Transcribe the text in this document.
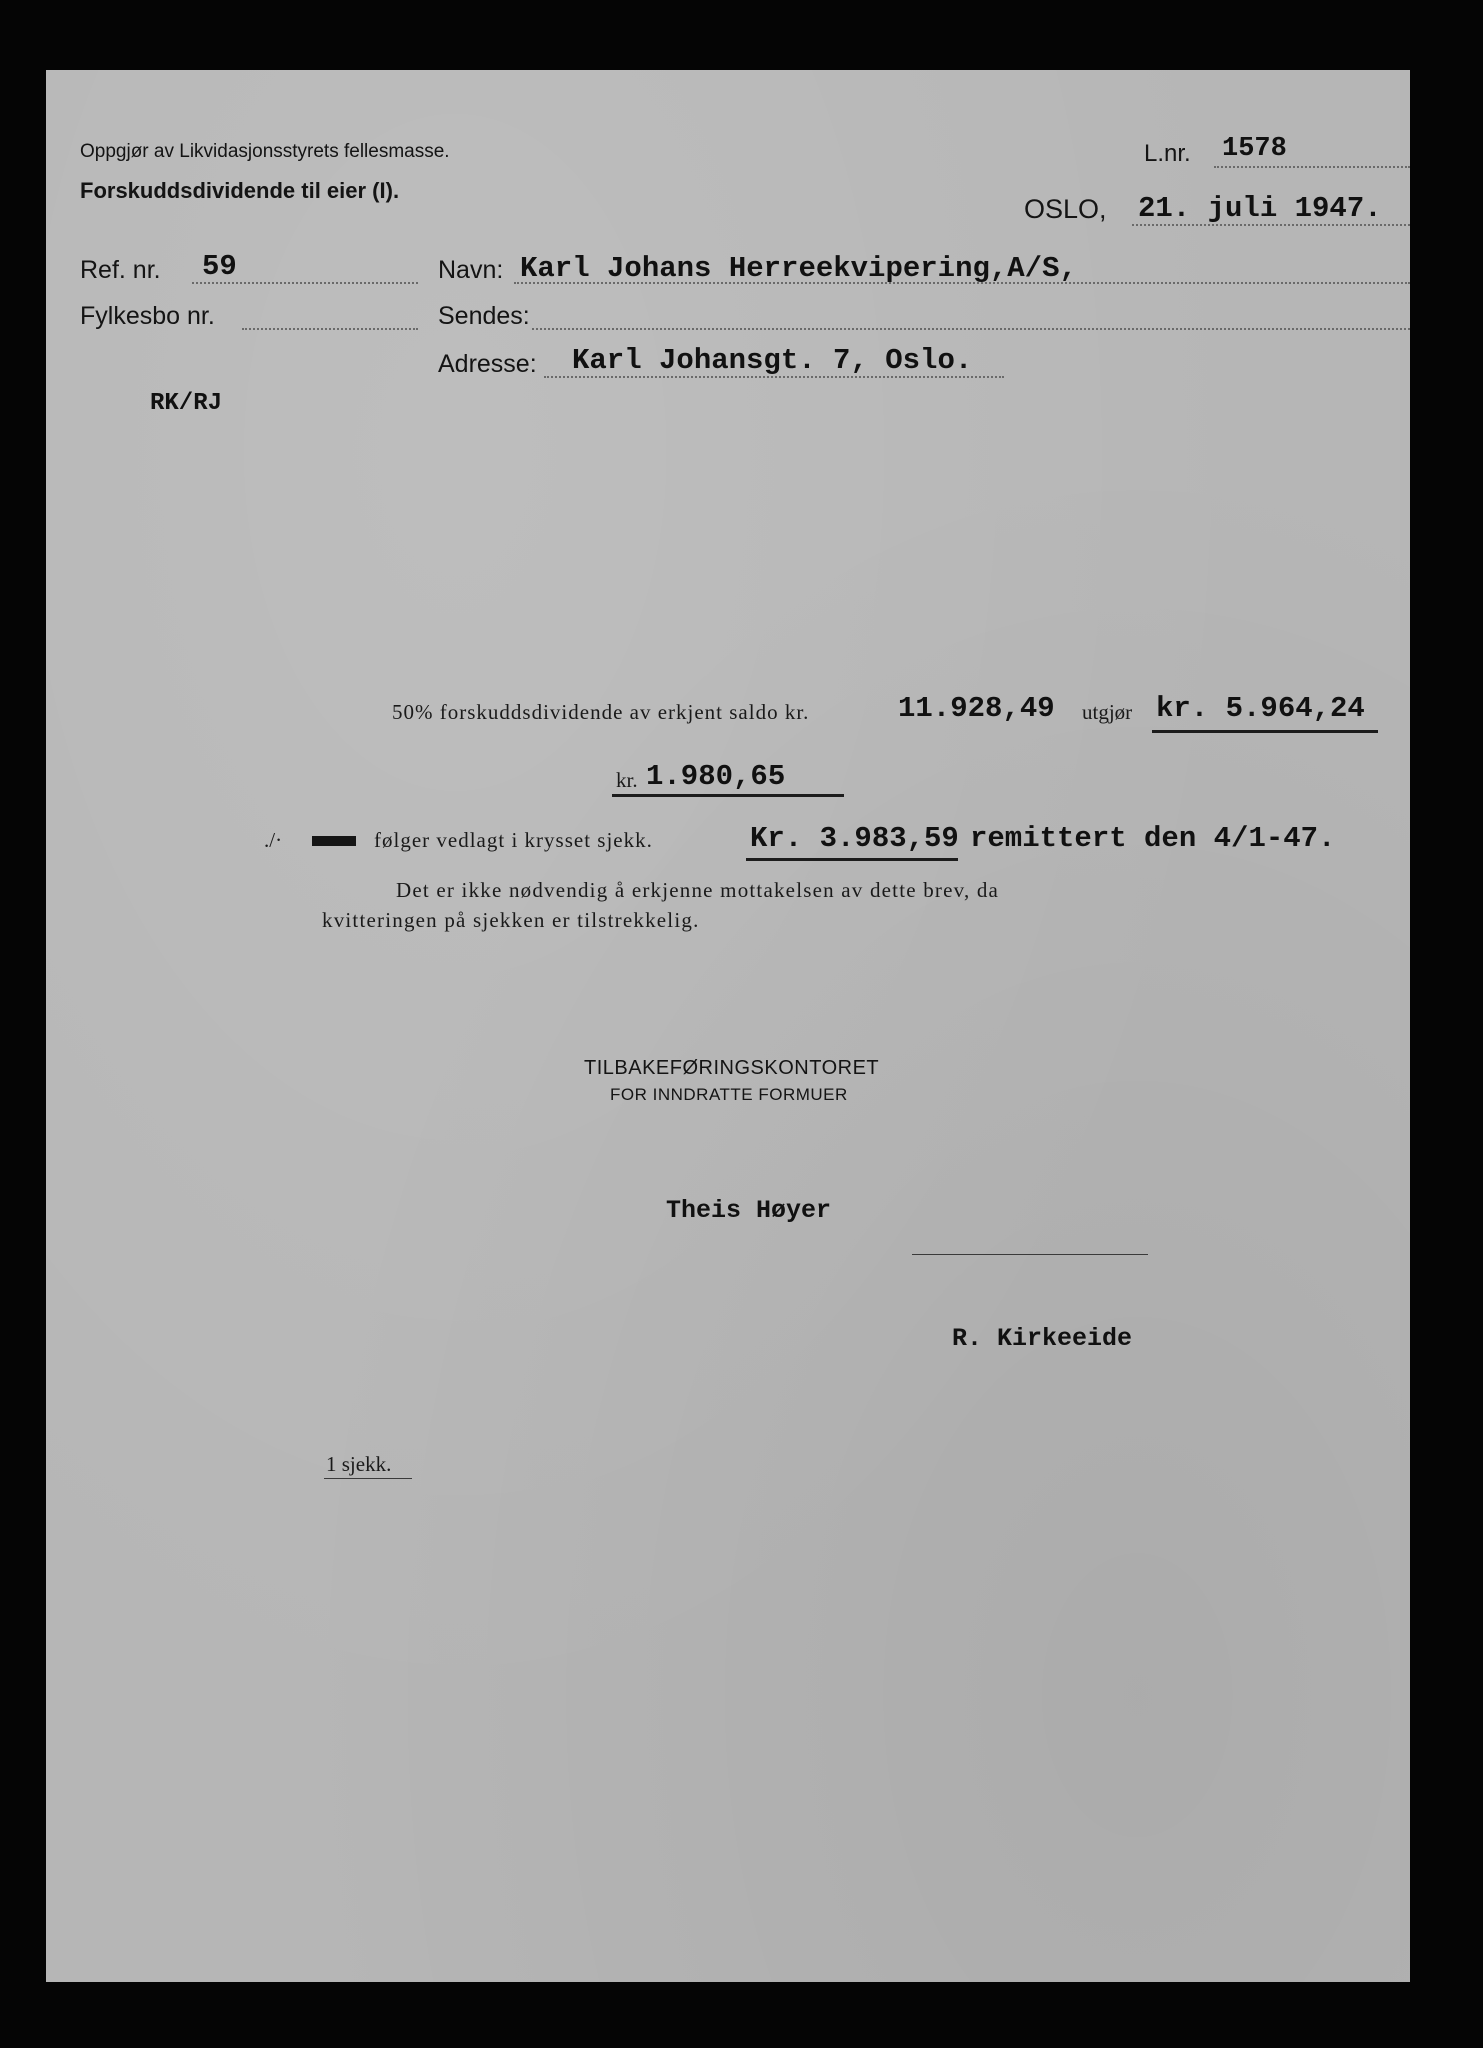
Oppgjør av Likvidasjonsstyrets fellesmasse.
Forskuddsdividende til eier (I).
L.nr. 1578
OSLO, 21. juli 1947.
Ref. nr. 59
Fylkesbo nr.
RK/RJ
Navn: Karl Johans Herreekvipering,A/S,
Sendes:
Adresse: Karl Johansgt. 7, Oslo.
50% forskuddsdividende av erkjent saldo kr.	11.928,49 utgjør kr. 5.964,24
kr. 1.980,65
./·	følger vedlagt i krysset sjekk.	Kr. 3.983,59 remittert den 4/1-47.
Det er ikke nødvendig å erkjenne mottakelsen av dette brev, da
kvitteringen på sjekken er tilstrekkelig.
TILBAKEFØRINGSKONTORET
FOR INNDRATTE FORMUER
Theis Høyer
R. Kirkeeide
1 sjekk.
